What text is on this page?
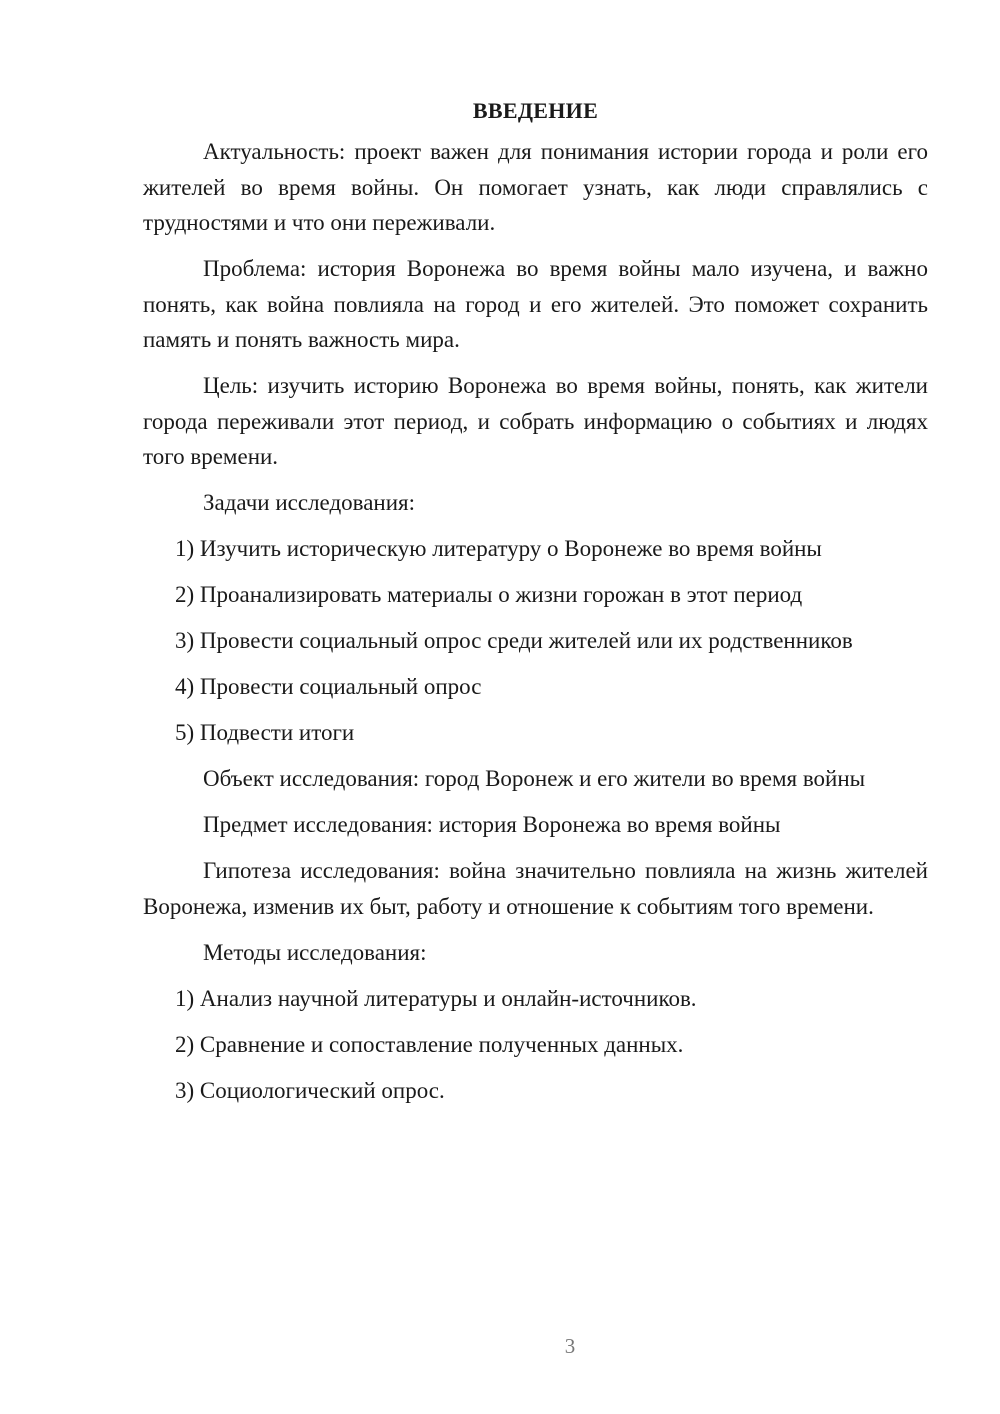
ВВЕДЕНИЕ

Актуальность: проект важен для понимания истории города и роли его жителей во время войны. Он помогает узнать, как люди справлялись с трудностями и что они переживали.

Проблема: история Воронежа во время войны мало изучена, и важно понять, как война повлияла на город и его жителей. Это поможет сохранить память и понять важность мира.

Цель: изучить историю Воронежа во время войны, понять, как жители города переживали этот период, и собрать информацию о событиях и людях того времени.

Задачи исследования:
1) Изучить историческую литературу о Воронеже во время войны
2) Проанализировать материалы о жизни горожан в этот период
3) Провести социальный опрос среди жителей или их родственников
4) Провести социальный опрос
5) Подвести итоги
Объект исследования: город Воронеж и его жители во время войны
Предмет исследования: история Воронежа во время войны

Гипотеза исследования: война значительно повлияла на жизнь жителей Воронежа, изменив их быт, работу и отношение к событиям того времени.

Методы исследования:
1) Анализ научной литературы и онлайн-источников.
2) Сравнение и сопоставление полученных данных.
3) Социологический опрос.
3
